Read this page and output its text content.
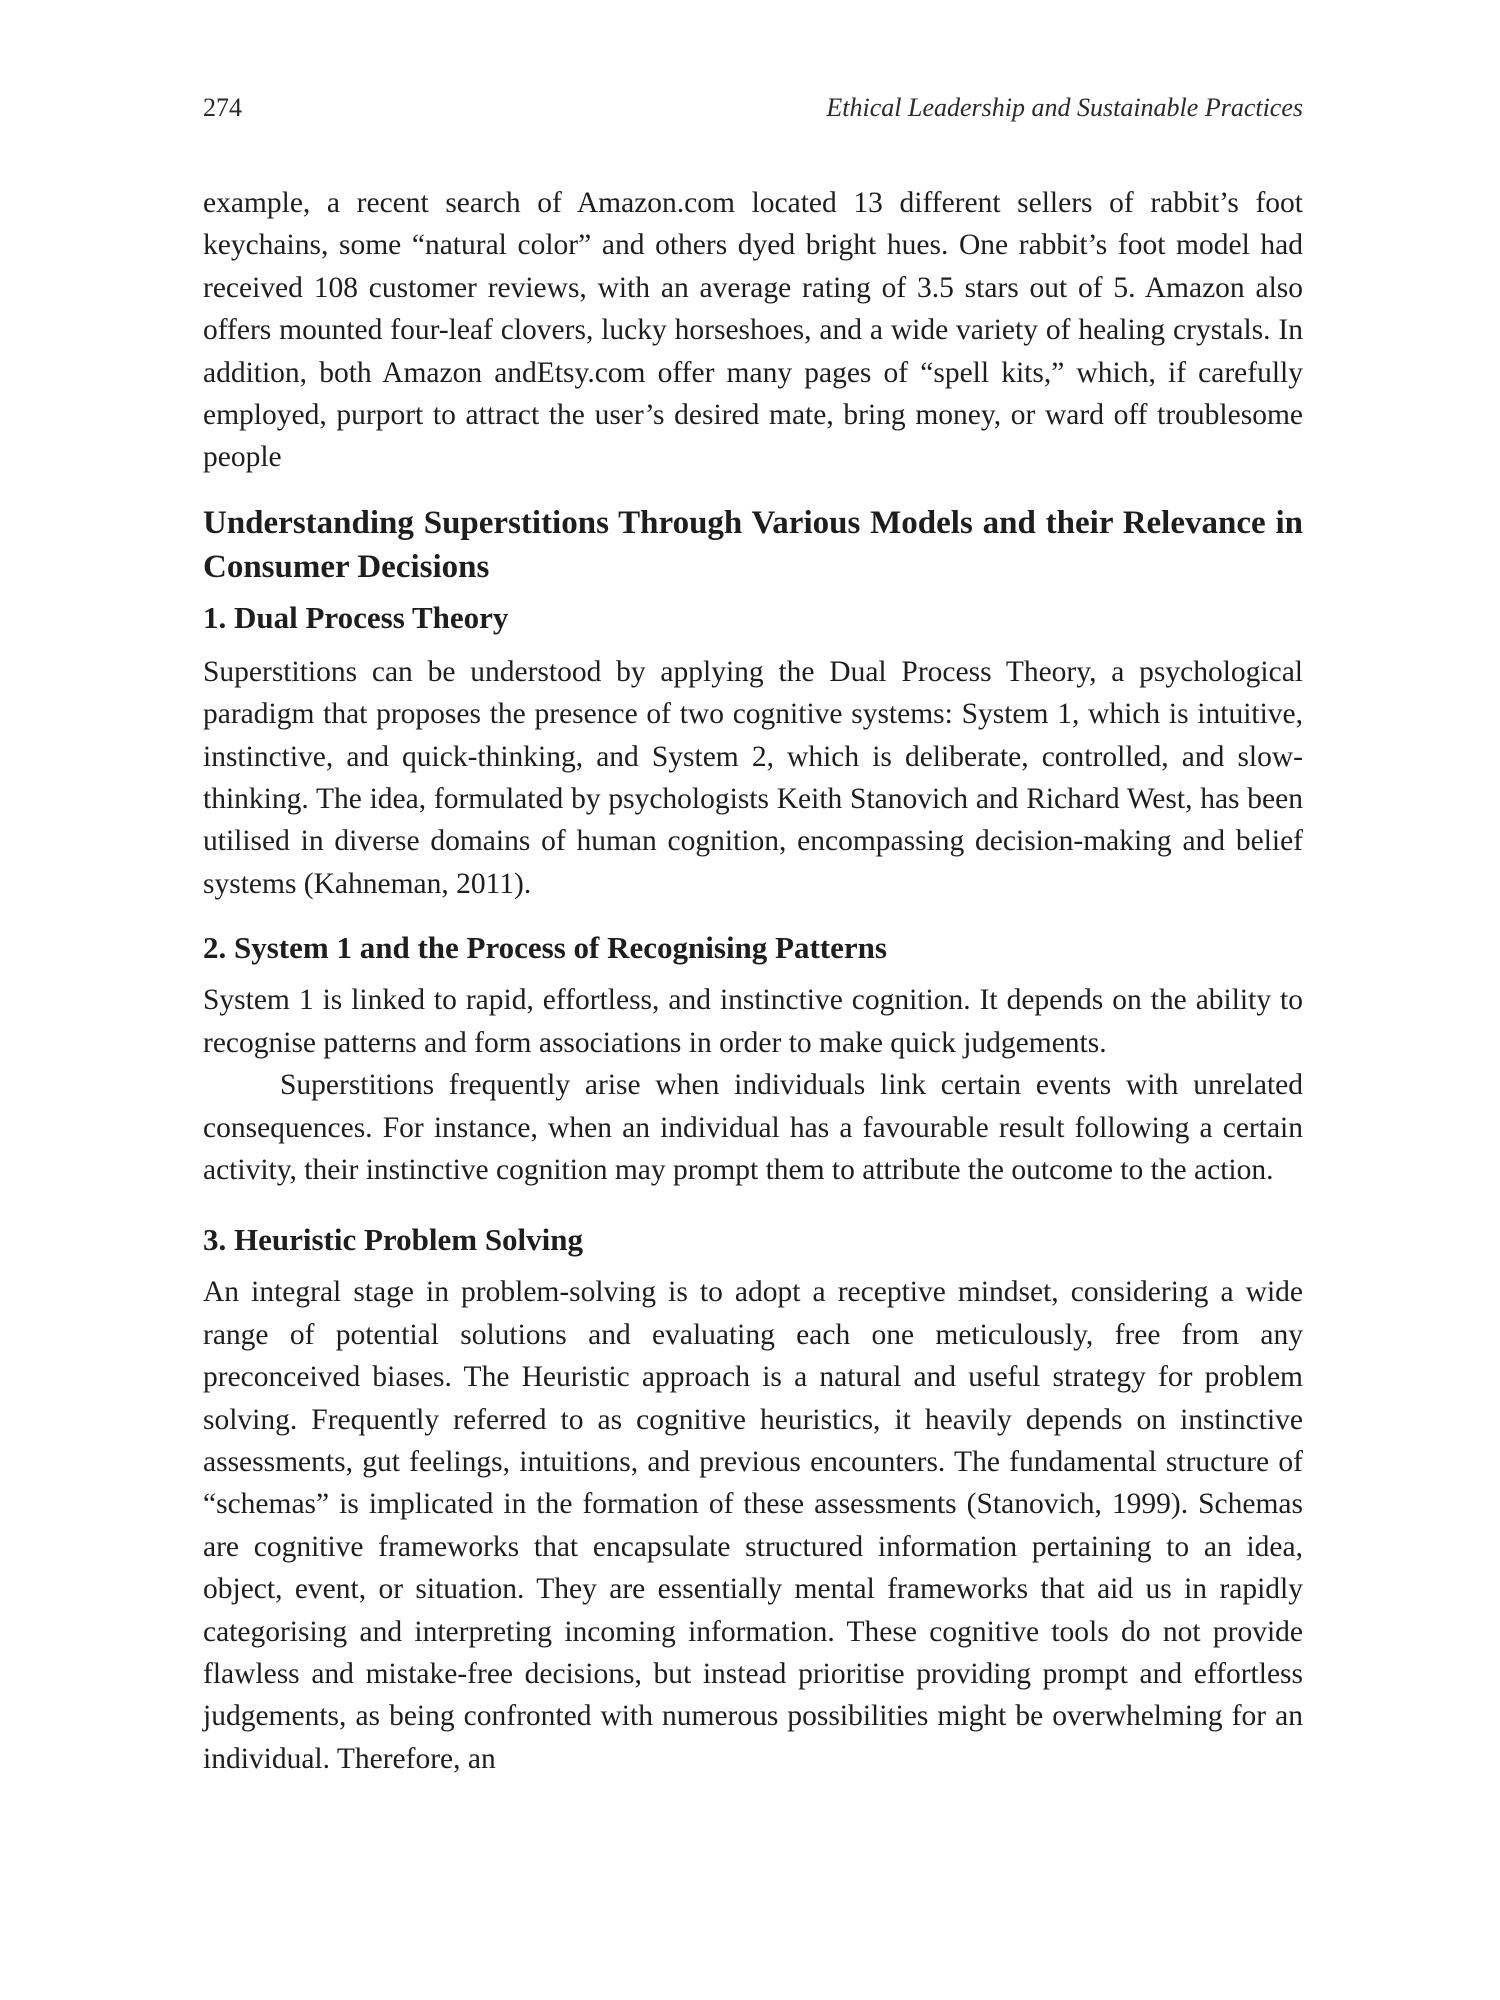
274	Ethical Leadership and Sustainable Practices

example, a recent search of Amazon.com located 13 different sellers of rabbit’s foot keychains, some “natural color” and others dyed bright hues. One rabbit’s foot model had received 108 customer reviews, with an average rating of 3.5 stars out of 5. Amazon also offers mounted four-leaf clovers, lucky horseshoes, and a wide variety of healing crystals. In addition, both Amazon andEtsy.com offer many pages of “spell kits,” which, if carefully employed, purport to attract the user’s desired mate, bring money, or ward off troublesome people

Understanding Superstitions Through Various Models and their Relevance in Consumer Decisions
1. Dual Process Theory

Superstitions can be understood by applying the Dual Process Theory, a psychological paradigm that proposes the presence of two cognitive systems: System 1, which is intuitive, instinctive, and quick-thinking, and System 2, which is deliberate, controlled, and slow-thinking. The idea, formulated by psychologists Keith Stanovich and Richard West, has been utilised in diverse domains of human cognition, encompassing decision-making and belief systems (Kahneman, 2011).

2. System 1 and the Process of Recognising Patterns

System 1 is linked to rapid, effortless, and instinctive cognition. It depends on the ability to recognise patterns and form associations in order to make quick judgements.

Superstitions frequently arise when individuals link certain events with unrelated consequences. For instance, when an individual has a favourable result following a certain activity, their instinctive cognition may prompt them to attribute the outcome to the action.

3. Heuristic Problem Solving

An integral stage in problem-solving is to adopt a receptive mindset, considering a wide range of potential solutions and evaluating each one meticulously, free from any preconceived biases. The Heuristic approach is a natural and useful strategy for problem solving. Frequently referred to as cognitive heuristics, it heavily depends on instinctive assessments, gut feelings, intuitions, and previous encounters. The fundamental structure of “schemas” is implicated in the formation of these assessments (Stanovich, 1999). Schemas are cognitive frameworks that encapsulate structured information pertaining to an idea, object, event, or situation. They are essentially mental frameworks that aid us in rapidly categorising and interpreting incoming information. These cognitive tools do not provide flawless and mistake-free decisions, but instead prioritise providing prompt and effortless judgements, as being confronted with numerous possibilities might be overwhelming for an individual. Therefore, an
